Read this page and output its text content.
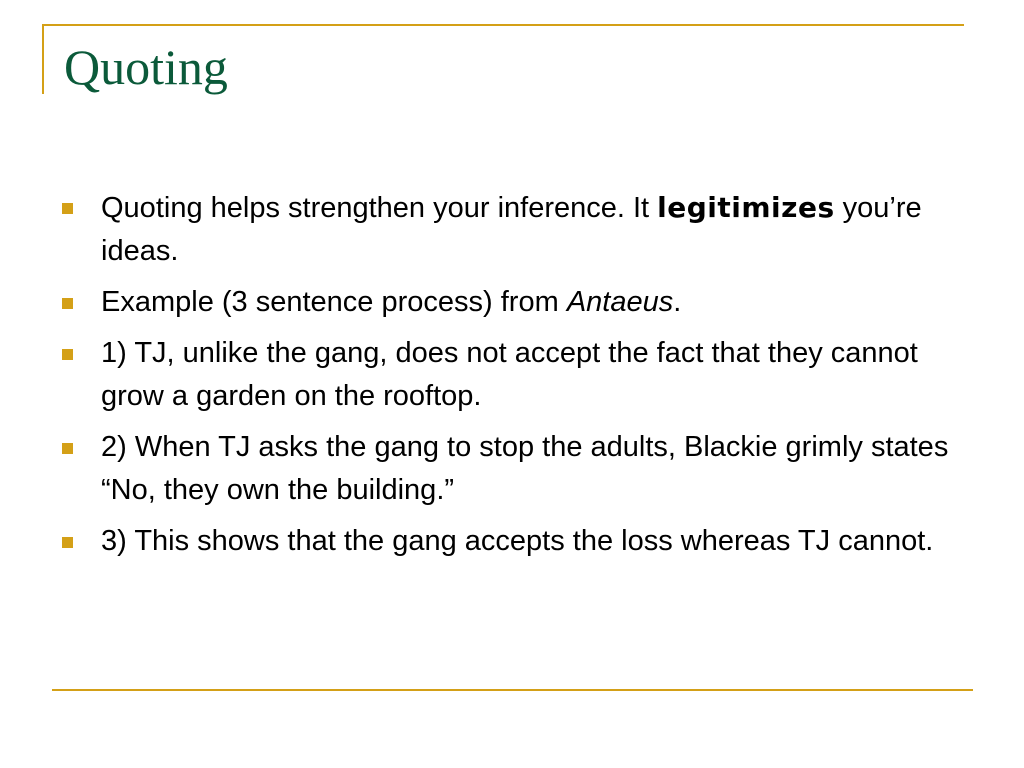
Quoting
Quoting helps strengthen your inference. It legitimizes you’re ideas.
Example (3 sentence process) from Antaeus.
1) TJ, unlike the gang, does not accept the fact that they cannot grow a garden on the rooftop.
2) When TJ asks the gang to stop the adults, Blackie grimly states “No, they own the building.”
3) This shows that the gang accepts the loss whereas TJ cannot.
